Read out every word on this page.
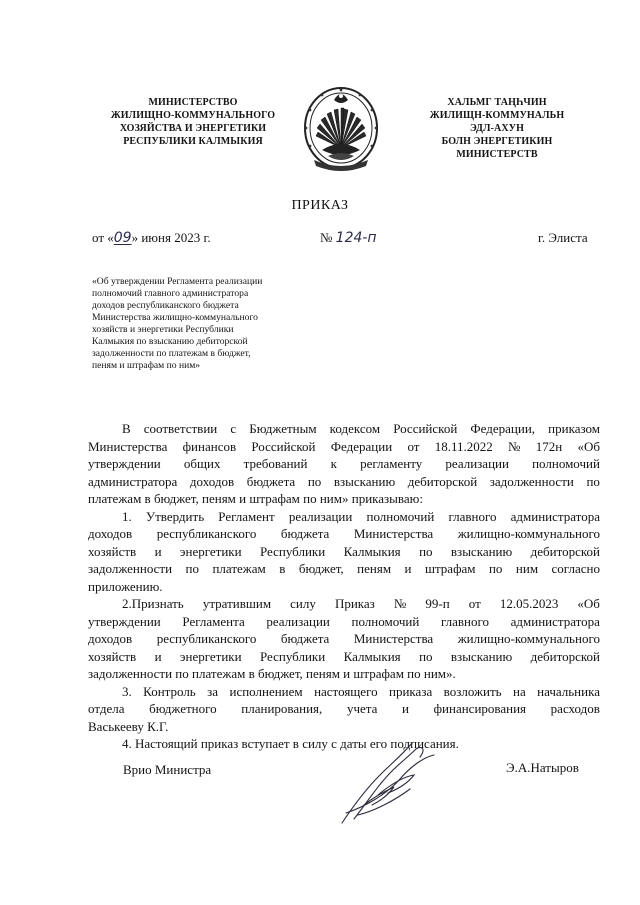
МИНИСТЕРСТВО
ЖИЛИЩНО-КОММУНАЛЬНОГО
ХОЗЯЙСТВА И ЭНЕРГЕТИКИ
РЕСПУБЛИКИ КАЛМЫКИЯ
ХАЛЬМГ ТАҢҺЧИН
ЖИЛИЩН-КОММУНАЛЬН
ЭДЛ-АХУН
БОЛН ЭНЕРГЕТИКИН
МИНИСТЕРСТВ
ПРИКАЗ
от «09» июня 2023 г.	№ 124-п	г. Элиста
«Об утверждении Регламента реализации
полномочий главного администратора
доходов республиканского бюджета
Министерства жилищно-коммунального
хозяйств и энергетики Республики
Калмыкия по взысканию дебиторской
задолженности по платежам в бюджет,
пеням и штрафам по ним»
В соответствии с Бюджетным кодексом Российской Федерации, приказом
Министерства финансов Российской Федерации от 18.11.2022 № 172н «Об
утверждении общих требований к регламенту реализации полномочий
администратора доходов бюджета по взысканию дебиторской задолженности по
платежам в бюджет, пеням и штрафам по ним» приказываю:
1. Утвердить Регламент реализации полномочий главного администратора
доходов республиканского бюджета Министерства жилищно-коммунального
хозяйств и энергетики Республики Калмыкия по взысканию дебиторской
задолженности по платежам в бюджет, пеням и штрафам по ним согласно
приложению.
2.Признать утратившим силу Приказ № 99-п от 12.05.2023 «Об
утверждении Регламента реализации полномочий главного администратора
доходов республиканского бюджета Министерства жилищно-коммунального
хозяйств и энергетики Республики Калмыкия по взысканию дебиторской
задолженности по платежам в бюджет, пеням и штрафам по ним».
3. Контроль за исполнением настоящего приказа возложить на начальника
отдела бюджетного планирования, учета и финансирования расходов
Васькееву К.Г.
4. Настоящий приказ вступает в силу с даты его подписания.
Врио Министра	Э.А.Натыров
